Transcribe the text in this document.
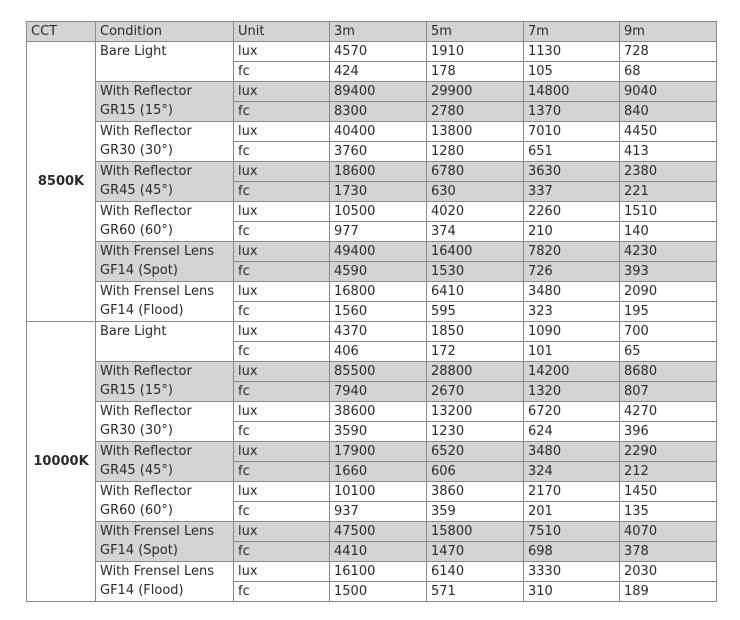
CCT	Condition	Unit	3m	5m	7m	9m
8500K	Bare Light	lux	4570	1910	1130	728
		fc	424	178	105	68
	With Reflector GR15 (15°)	lux	89400	29900	14800	9040
		fc	8300	2780	1370	840
	With Reflector GR30 (30°)	lux	40400	13800	7010	4450
		fc	3760	1280	651	413
	With Reflector GR45 (45°)	lux	18600	6780	3630	2380
		fc	1730	630	337	221
	With Reflector GR60 (60°)	lux	10500	4020	2260	1510
		fc	977	374	210	140
	With Frensel Lens GF14 (Spot)	lux	49400	16400	7820	4230
		fc	4590	1530	726	393
	With Frensel Lens GF14 (Flood)	lux	16800	6410	3480	2090
		fc	1560	595	323	195
10000K	Bare Light	lux	4370	1850	1090	700
		fc	406	172	101	65
	With Reflector GR15 (15°)	lux	85500	28800	14200	8680
		fc	7940	2670	1320	807
	With Reflector GR30 (30°)	lux	38600	13200	6720	4270
		fc	3590	1230	624	396
	With Reflector GR45 (45°)	lux	17900	6520	3480	2290
		fc	1660	606	324	212
	With Reflector GR60 (60°)	lux	10100	3860	2170	1450
		fc	937	359	201	135
	With Frensel Lens GF14 (Spot)	lux	47500	15800	7510	4070
		fc	4410	1470	698	378
	With Frensel Lens GF14 (Flood)	lux	16100	6140	3330	2030
		fc	1500	571	310	189
